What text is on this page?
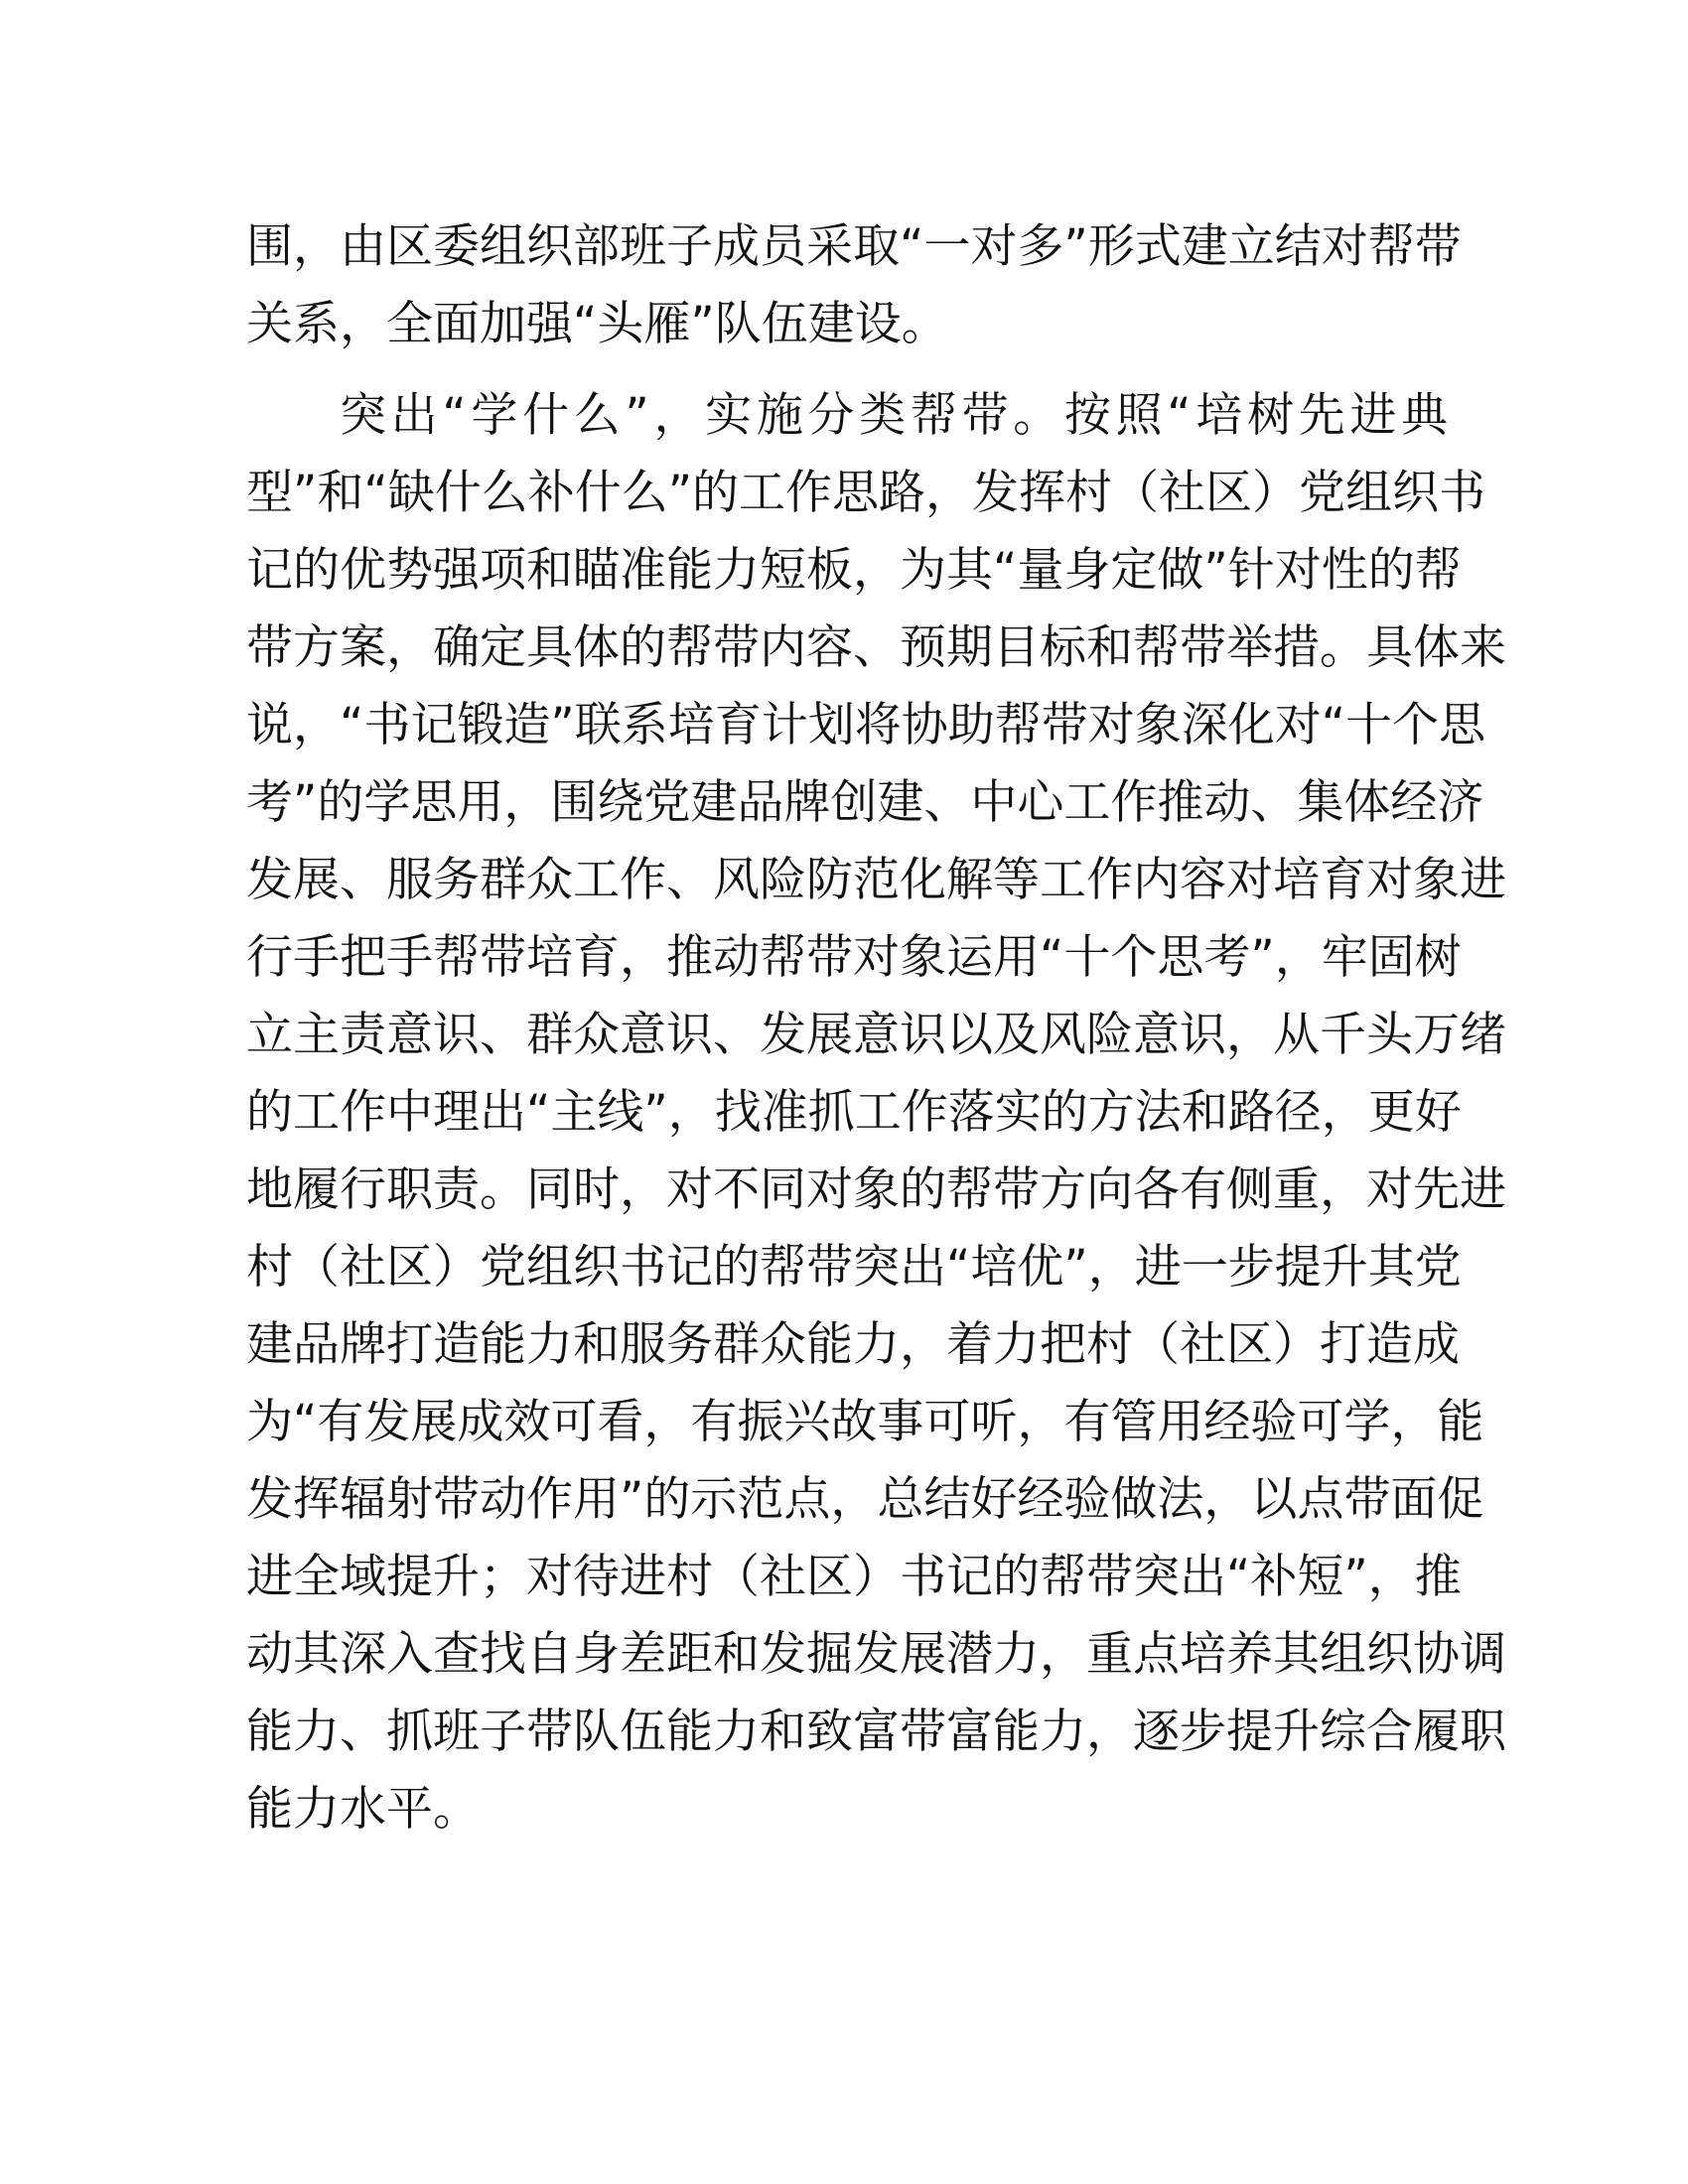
围，由区委组织部班子成员采取“一对多”形式建立结对帮带
关系，全面加强“头雁”队伍建设。
突出“学什么”，实施分类帮带。按照“培树先进典
型”和“缺什么补什么”的工作思路，发挥村（社区）党组织书
记的优势强项和瞄准能力短板，为其“量身定做”针对性的帮
带方案，确定具体的帮带内容、预期目标和帮带举措。具体来
说，“书记锻造”联系培育计划将协助帮带对象深化对“十个思
考”的学思用，围绕党建品牌创建、中心工作推动、集体经济
发展、服务群众工作、风险防范化解等工作内容对培育对象进
行手把手帮带培育，推动帮带对象运用“十个思考”，牢固树
立主责意识、群众意识、发展意识以及风险意识，从千头万绪
的工作中理出“主线”，找准抓工作落实的方法和路径，更好
地履行职责。同时，对不同对象的帮带方向各有侧重，对先进
村（社区）党组织书记的帮带突出“培优”，进一步提升其党
建品牌打造能力和服务群众能力，着力把村（社区）打造成
为“有发展成效可看，有振兴故事可听，有管用经验可学，能
发挥辐射带动作用”的示范点，总结好经验做法，以点带面促
进全域提升；对待进村（社区）书记的帮带突出“补短”，推
动其深入查找自身差距和发掘发展潜力，重点培养其组织协调
能力、抓班子带队伍能力和致富带富能力，逐步提升综合履职
能力水平。
